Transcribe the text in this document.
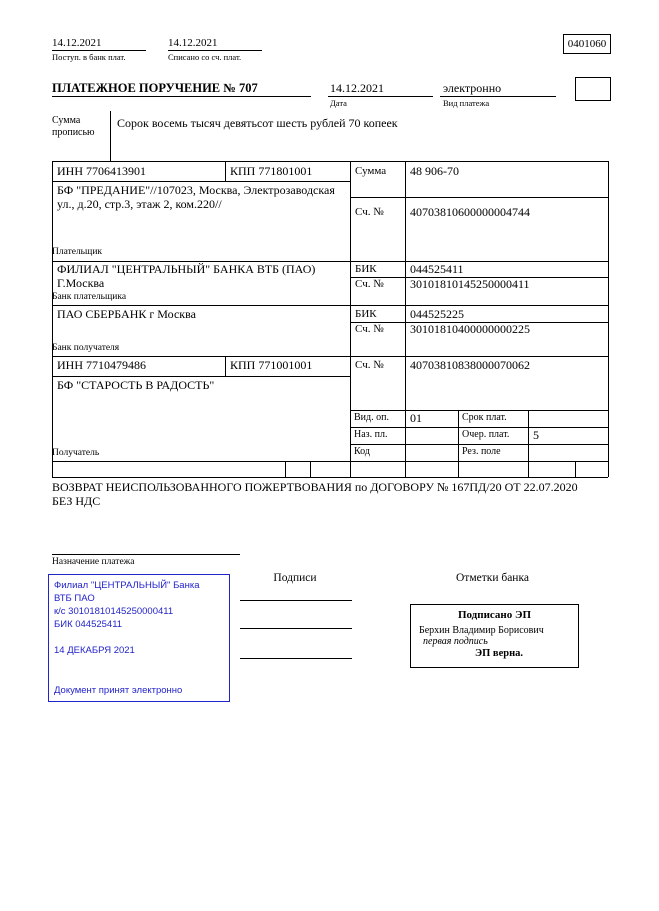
14.12.2021
Поступ. в банк плат.
14.12.2021
Списано со сч. плат.
0401060
ПЛАТЕЖНОЕ ПОРУЧЕНИЕ № 707	14.12.2021
Дата
электронно
Вид платежа
Сумма прописью
Сорок восемь тысяч девятьсот шесть рублей 70 копеек
ИНН 7706413901	КПП 771801001	Сумма 48 906-70
БФ "ПРЕДАНИЕ"//107023, Москва, Электрозаводская ул., д.20, стр.3, этаж 2, ком.220//
Сч. № 40703810600000004744
Плательщик
ФИЛИАЛ "ЦЕНТРАЛЬНЫЙ" БАНКА ВТБ (ПАО) Г.Москва
БИК	044525411
Сч. № 30101810145250000411
Банк плательщика
ПАО СБЕРБАНК г Москва	БИК	044525225
Сч. № 30101810400000000225
Банк получателя
ИНН 7710479486	КПП 771001001	Сч. № 40703810838000070062
БФ "СТАРОСТЬ В РАДОСТЬ"
Вид. оп. 01	Срок плат.
Наз. пл.	Очер. плат. 5
Код	Рез. поле
Получатель
ВОЗВРАТ НЕИСПОЛЬЗОВАННОГО ПОЖЕРТВОВАНИЯ по ДОГОВОРУ № 167ПД/20 ОТ 22.07.2020 БЕЗ НДС
Назначение платежа
Подписи	Отметки банка
Филиал "ЦЕНТРАЛЬНЫЙ" Банка
ВТБ ПАО
к/с 30101810145250000411
БИК 044525411
14 ДЕКАБРЯ 2021
Документ принят электронно
Подписано ЭП
Берхин Владимир Борисович
первая подпись
ЭП верна.
